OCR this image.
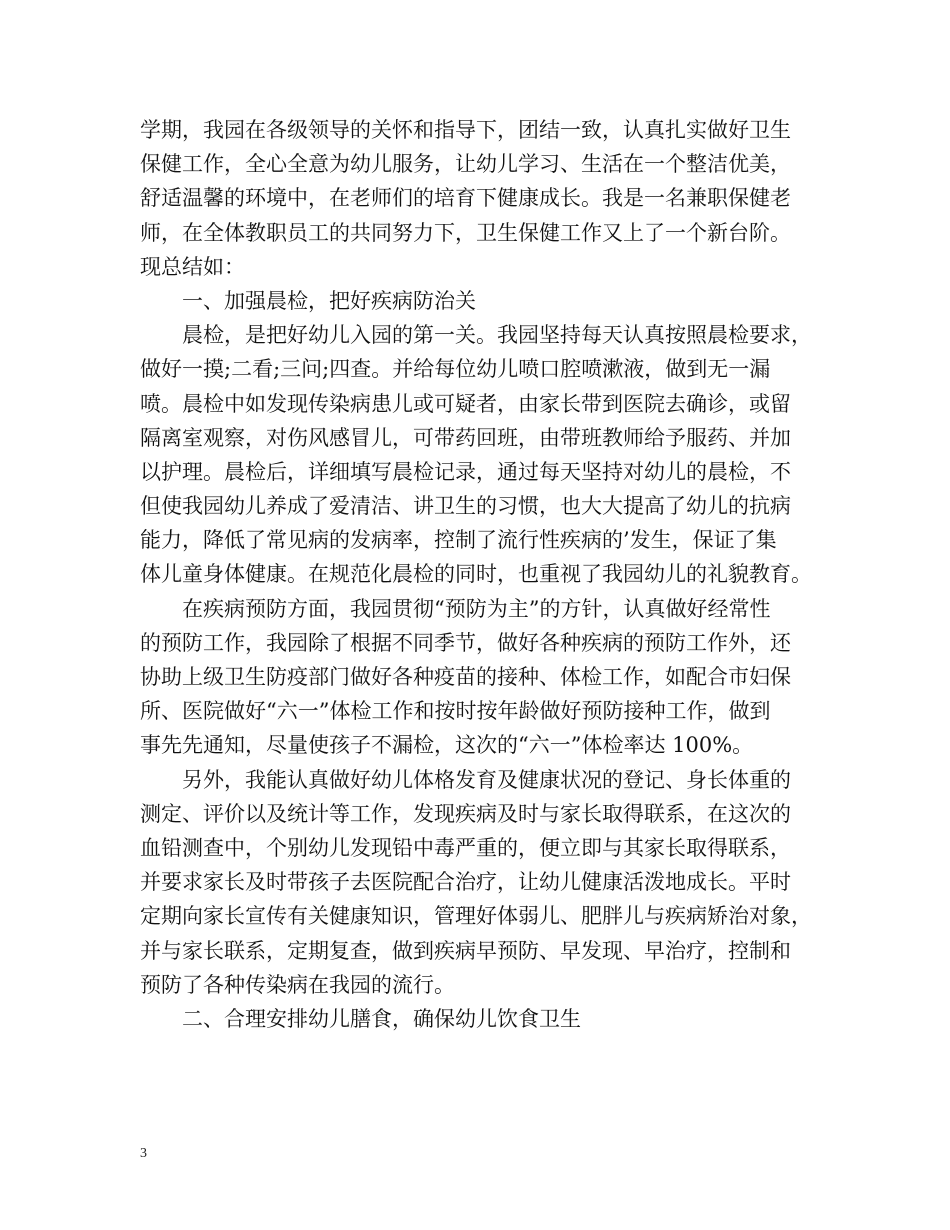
学期，我园在各级领导的关怀和指导下，团结一致，认真扎实做好卫生
保健工作，全心全意为幼儿服务，让幼儿学习、生活在一个整洁优美，
舒适温馨的环境中，在老师们的培育下健康成长。我是一名兼职保健老
师，在全体教职员工的共同努力下，卫生保健工作又上了一个新台阶。
现总结如：
一、加强晨检，把好疾病防治关
晨检，是把好幼儿入园的第一关。我园坚持每天认真按照晨检要求，
做好一摸;二看;三问;四查。并给每位幼儿喷口腔喷漱液，做到无一漏
喷。晨检中如发现传染病患儿或可疑者，由家长带到医院去确诊，或留
隔离室观察，对伤风感冒儿，可带药回班，由带班教师给予服药、并加
以护理。晨检后，详细填写晨检记录，通过每天坚持对幼儿的晨检，不
但使我园幼儿养成了爱清洁、讲卫生的习惯，也大大提高了幼儿的抗病
能力，降低了常见病的发病率，控制了流行性疾病的’发生，保证了集
体儿童身体健康。在规范化晨检的同时，也重视了我园幼儿的礼貌教育。
在疾病预防方面，我园贯彻“预防为主”的方针，认真做好经常性
的预防工作，我园除了根据不同季节，做好各种疾病的预防工作外，还
协助上级卫生防疫部门做好各种疫苗的接种、体检工作，如配合市妇保
所、医院做好“六一”体检工作和按时按年龄做好预防接种工作，做到
事先先通知，尽量使孩子不漏检，这次的“六一”体检率达 100%。
另外，我能认真做好幼儿体格发育及健康状况的登记、身长体重的
测定、评价以及统计等工作，发现疾病及时与家长取得联系，在这次的
血铅测查中，个别幼儿发现铅中毒严重的，便立即与其家长取得联系，
并要求家长及时带孩子去医院配合治疗，让幼儿健康活泼地成长。平时
定期向家长宣传有关健康知识，管理好体弱儿、肥胖儿与疾病矫治对象，
并与家长联系，定期复查，做到疾病早预防、早发现、早治疗，控制和
预防了各种传染病在我园的流行。
二、合理安排幼儿膳食，确保幼儿饮食卫生
3
